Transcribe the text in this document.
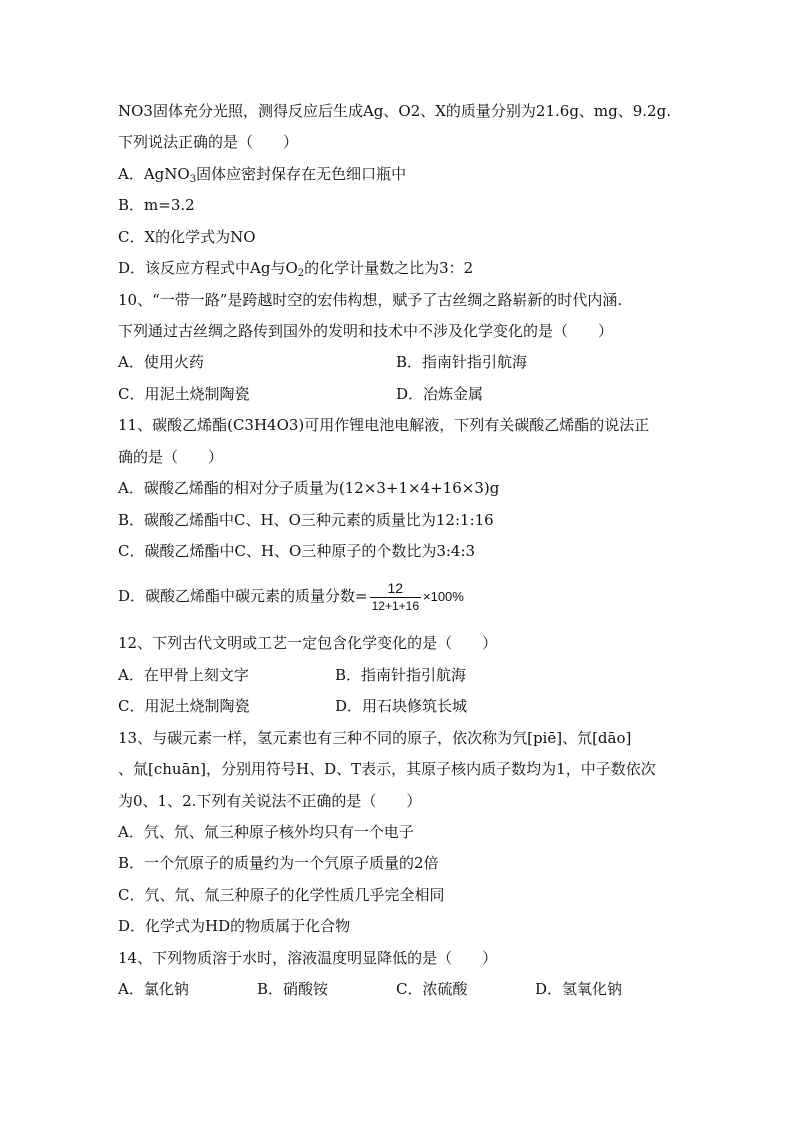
NO3固体充分光照，测得反应后生成Ag、O2、X的质量分别为21.6g、mg、9.2g.
下列说法正确的是（　　）
A．AgNO$_3$固体应密封保存在无色细口瓶中
B．m=3.2
C．X的化学式为NO
D．该反应方程式中Ag与$O_2$的化学计量数之比为3：2
10、“一带一路”是跨越时空的宏伟构想，赋予了古丝绸之路崭新的时代内涵.
下列通过古丝绸之路传到国外的发明和技术中不涉及化学变化的是（　　）
A．使用火药	B．指南针指引航海
C．用泥土烧制陶瓷	D．冶炼金属
11、碳酸乙烯酯(C3H4O3)可用作锂电池电解液，下列有关碳酸乙烯酯的说法正
确的是（　　）
A．碳酸乙烯酯的相对分子质量为(12×3+1×4+16×3)g
B．碳酸乙烯酯中C、H、O三种元素的质量比为12:1:16
C．碳酸乙烯酯中C、H、O三种原子的个数比为3:4:3
D．碳酸乙烯酯中碳元素的质量分数= $\frac{12}{12+1+16} \times 100\%$
12、下列古代文明或工艺一定包含化学变化的是（　　）
A．在甲骨上刻文字	B．指南针指引航海
C．用泥土烧制陶瓷	D．用石块修筑长城
13、与碳元素一样，氢元素也有三种不同的原子，依次称为氕[piē]、氘[dāo]
、氚[chuān]，分别用符号H、D、T表示，其原子核内质子数均为1，中子数依次
为0、1、2.下列有关说法不正确的是（　　）
A．氕、氘、氚三种原子核外均只有一个电子
B．一个氘原子的质量约为一个氕原子质量的2倍
C．氕、氘、氚三种原子的化学性质几乎完全相同
D．化学式为HD的物质属于化合物
14、下列物质溶于水时，溶液温度明显降低的是（　　）
A．氯化钠	B．硝酸铵	C．浓硫酸	D．氢氧化钠
